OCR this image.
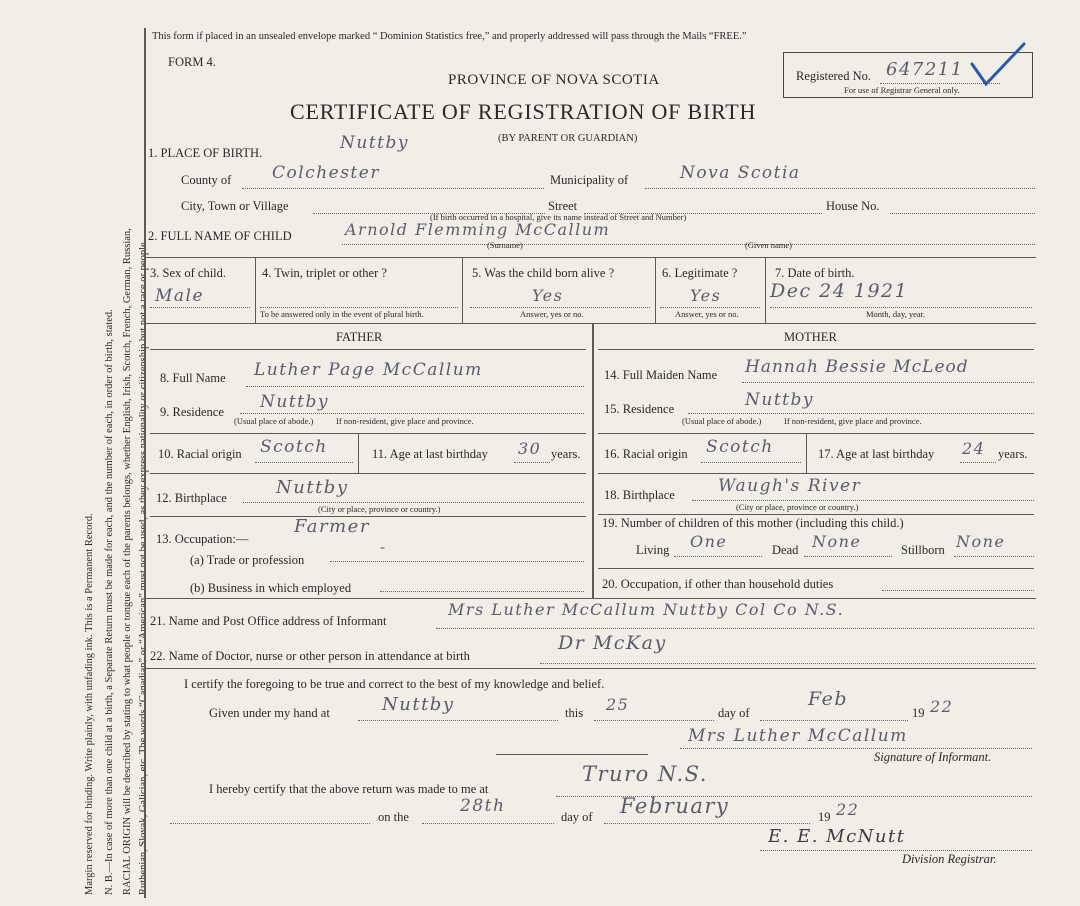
Margin reserved for binding. Write plainly, with unfading ink. This is a Permanent Record. N. B.—In case of more than one child at a birth, a Separate Return must be made for each, and the number of each, in order of birth, stated. RACIAL ORIGIN will be described by stating to what people or tongue each of the parents belongs, whether English, Irish, Scotch, French, German, Russian, Ruthenian, Slovak, Galician, etc. The words “Canadian” or “American” must not be used, as they express nationality or citizenship but not a race or people.
This form if placed in an unsealed envelope marked “ Dominion Statistics free,” and properly addressed will pass through the Mails “FREE.”
FORM 4.
PROVINCE OF NOVA SCOTIA
CERTIFICATE OF REGISTRATION OF BIRTH
(BY PARENT OR GUARDIAN)
Registered No. 647211
For use of Registrar General only.
1. PLACE OF BIRTH.	Nuttby
County of Colchester	Municipality of	Nova Scotia
City, Town or Village	Street	House No.
(If birth occurred in a hospital, give its name instead of Street and Number)
2. FULL NAME OF CHILD	Arnold Flemming McCallum
(Surname)	(Given name)
3. Sex of child.
Male
4. Twin, triplet or other ?
To be answered only in the event of plural birth.
5. Was the child born alive ?
Yes
Answer, yes or no.
6. Legitimate ?
Yes
Answer, yes or no.
7. Date of birth.
Dec 24 1921
Month, day, year.
FATHER	MOTHER
8. Full Name Luther Page McCallum
9. Residence Nuttby
(Usual place of abode.)	If non-resident, give place and province.
10. Racial origin Scotch	11. Age at last birthday 30 years.
12. Birthplace	Nuttby
(City or place, province or country.)
13. Occupation:—
Farmer
(a) Trade or profession
-
(b) Business in which employed
14. Full Maiden Name Hannah Bessie McLeod
15. Residence	Nuttby
(Usual place of abode.)	If non-resident, give place and province.
16. Racial origin Scotch	17. Age at last birthday 24 years.
18. Birthplace	Waugh's River
(City or place, province or country.)
19. Number of children of this mother (including this child.)
Living One	Dead None	Stillborn None
20. Occupation, if other than household duties
21. Name and Post Office address of Informant
Mrs Luther McCallum Nuttby Col Co N.S.
22. Name of Doctor, nurse or other person in attendance at birth
Dr McKay
I certify the foregoing to be true and correct to the best of my knowledge and belief.
Given under my hand at	Nuttby	this 25	day of
Feb
19 22
Mrs Luther McCallum
Signature of Informant.
I hereby certify that the above return was made to me at
Truro N.S.
on the
28th
day of February	19 22
E. E. McNutt
Division Registrar.
